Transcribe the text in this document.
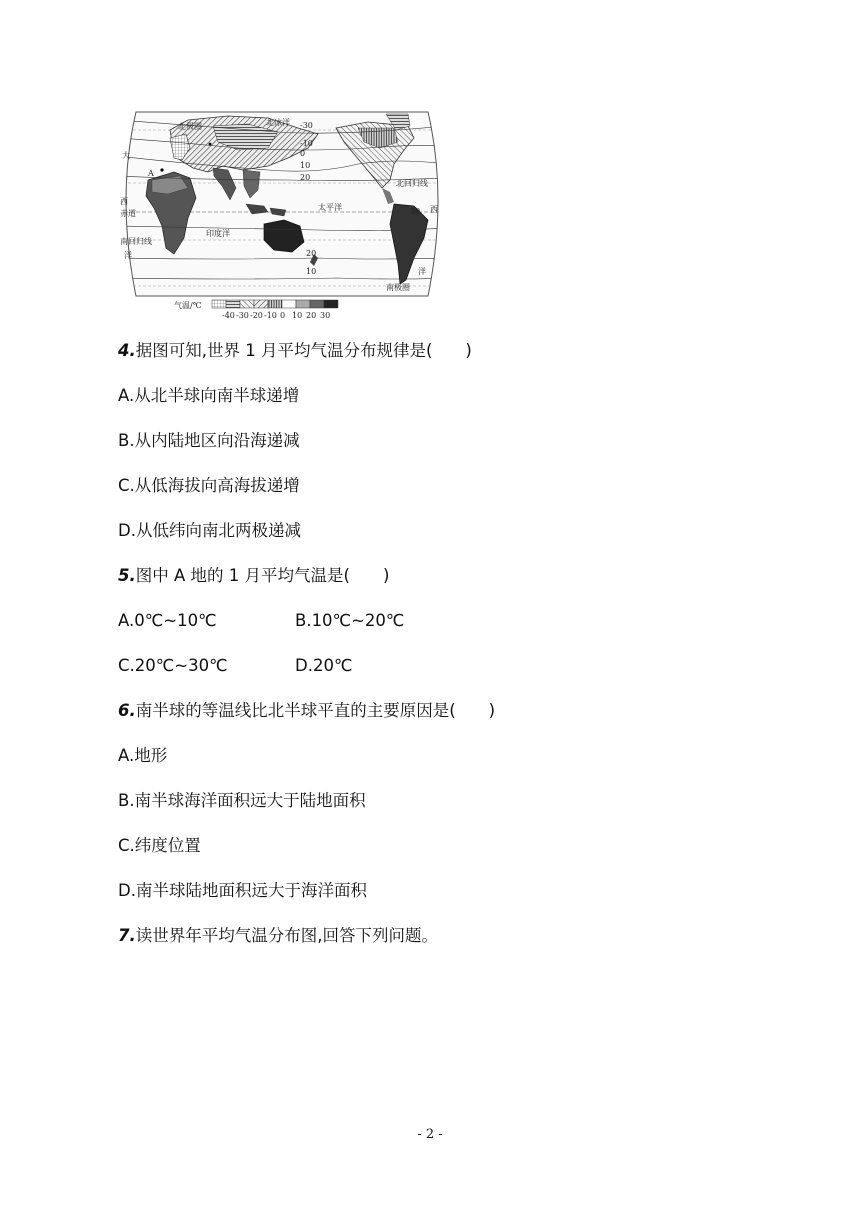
北极圈	北冰洋
北回归线
赤道
南回归线
南极圈
太平洋
印度洋
大
西
洋
西
洋
A
-30
-10
0
10
20
30
20
10
气温/℃
-40 -30 -20 -10 0 10 20 30
4.据图可知,世界 1 月平均气温分布规律是(　　)
A.从北半球向南半球递增
B.从内陆地区向沿海递减
C.从低海拔向高海拔递增
D.从低纬向南北两极递减
5.图中 A 地的 1 月平均气温是(　　)
A.0℃~10℃	B.10℃~20℃
C.20℃~30℃	D.20℃
6.南半球的等温线比北半球平直的主要原因是(　　)
A.地形
B.南半球海洋面积远大于陆地面积
C.纬度位置
D.南半球陆地面积远大于海洋面积
7.读世界年平均气温分布图,回答下列问题。
- 2 -
